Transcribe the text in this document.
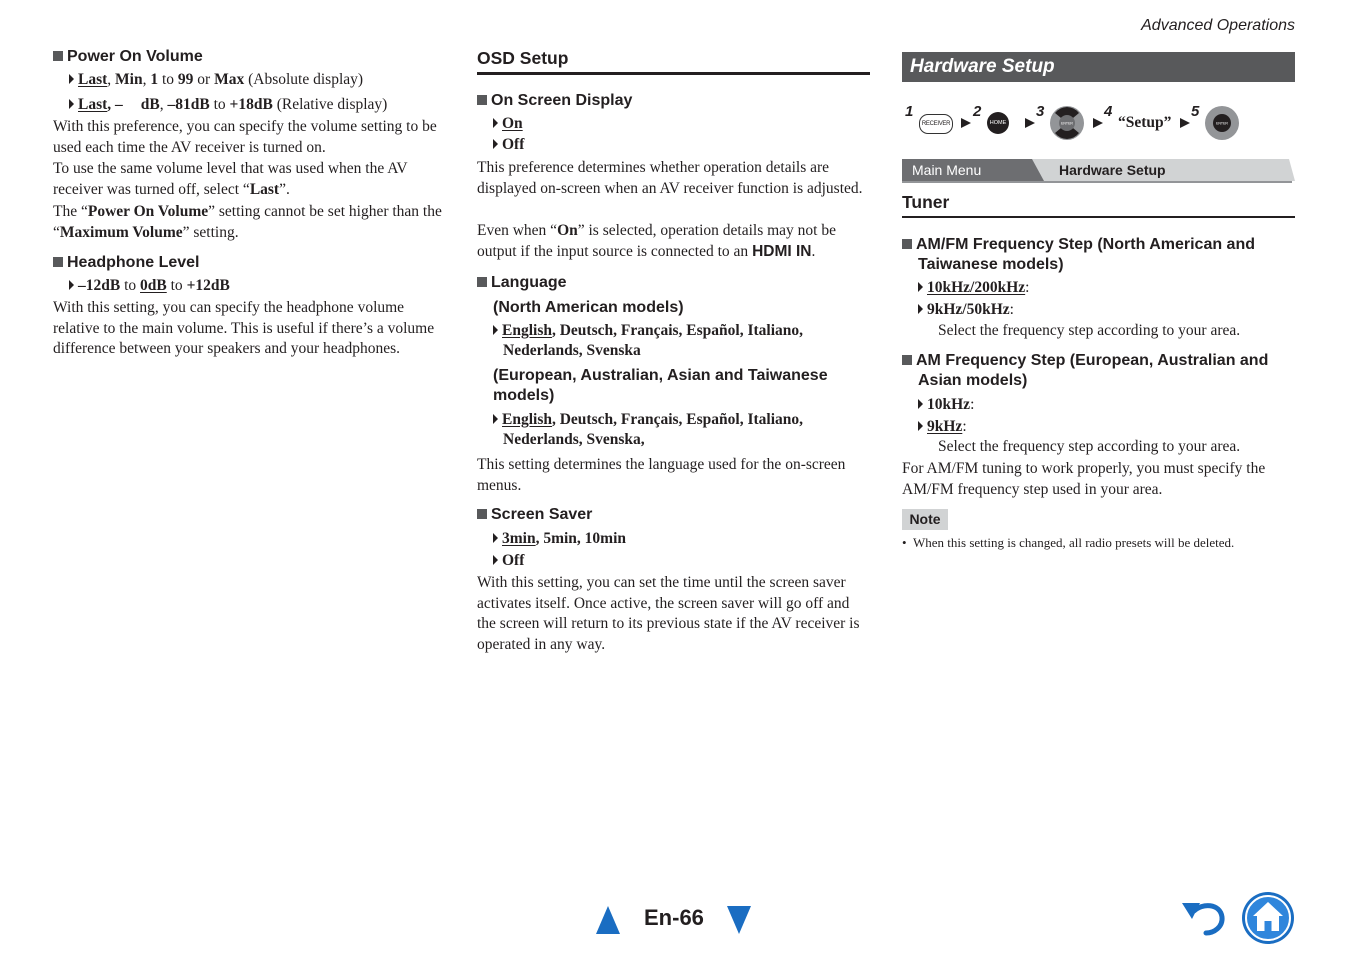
Advanced Operations
Power On Volume
Last, Min, 1 to 99 or Max (Absolute display)
Last, – dB, –81dB to +18dB (Relative display)
With this preference, you can specify the volume setting to be used each time the AV receiver is turned on.
To use the same volume level that was used when the AV receiver was turned off, select “Last”.
The “Power On Volume” setting cannot be set higher than the “Maximum Volume” setting.
Headphone Level
–12dB to 0dB to +12dB
With this setting, you can specify the headphone volume relative to the main volume. This is useful if there’s a volume difference between your speakers and your headphones.
OSD Setup
On Screen Display
On
Off
This preference determines whether operation details are displayed on-screen when an AV receiver function is adjusted.
Even when “On” is selected, operation details may not be output if the input source is connected to an HDMI IN.
Language
(North American models)
English, Deutsch, Français, Español, Italiano, Nederlands, Svenska
(European, Australian, Asian and Taiwanese models)
English, Deutsch, Français, Español, Italiano, Nederlands, Svenska,
This setting determines the language used for the on-screen menus.
Screen Saver
3min, 5min, 10min
Off
With this setting, you can set the time until the screen saver activates itself. Once active, the screen saver will go off and the screen will return to its previous state if the AV receiver is operated in any way.
Hardware Setup
1
RECEIVER
2
HOME
3
ENTER
4
“Setup”
5
ENTER
Main Menu	Hardware Setup
Tuner
AM/FM Frequency Step (North American and Taiwanese models)
10kHz/200kHz:
9kHz/50kHz:
Select the frequency step according to your area.
AM Frequency Step (European, Australian and Asian models)
10kHz:
9kHz:
Select the frequency step according to your area.
For AM/FM tuning to work properly, you must specify the AM/FM frequency step used in your area.
Note
• When this setting is changed, all radio presets will be deleted.
En-66
